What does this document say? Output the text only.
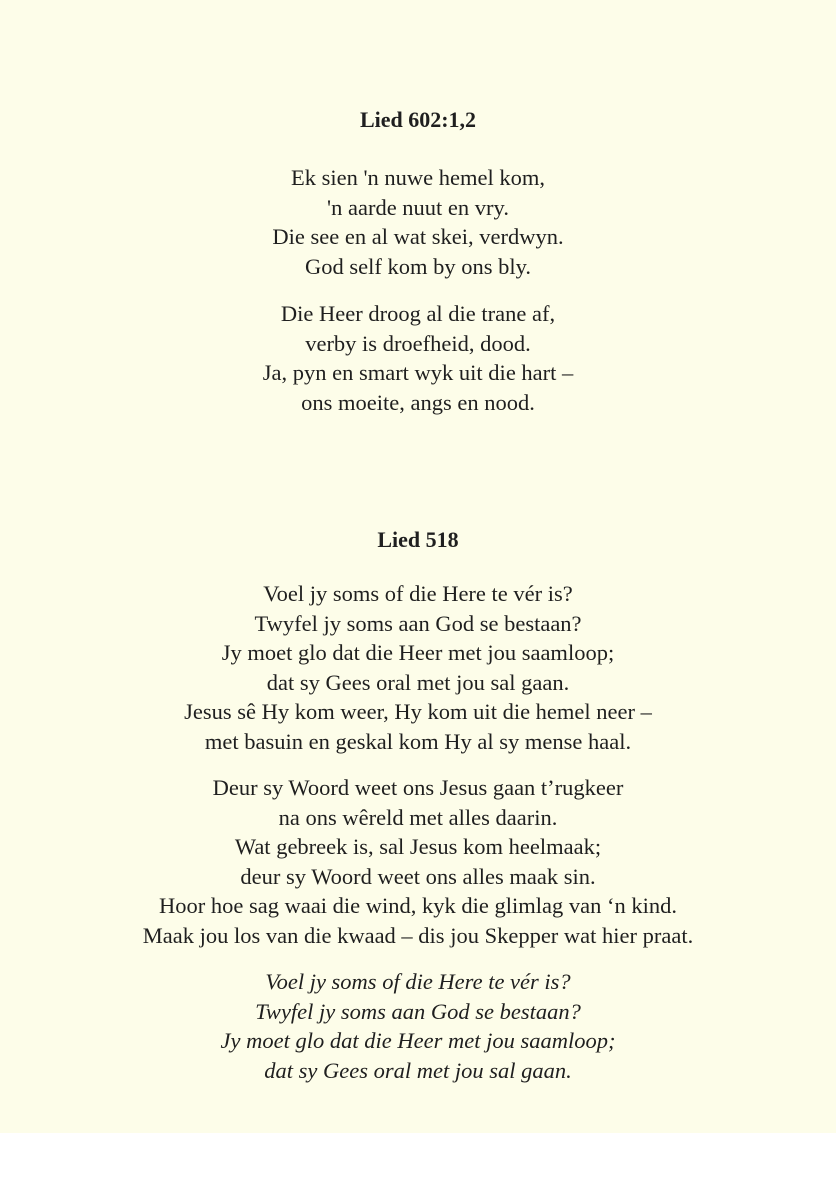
Lied 602:1,2
Ek sien 'n nuwe hemel kom,
'n aarde nuut en vry.
Die see en al wat skei, verdwyn.
God self kom by ons bly.
Die Heer droog al die trane af,
verby is droefheid, dood.
Ja, pyn en smart wyk uit die hart –
ons moeite, angs en nood.
Lied 518
Voel jy soms of die Here te vér is?
Twyfel jy soms aan God se bestaan?
Jy moet glo dat die Heer met jou saamloop;
dat sy Gees oral met jou sal gaan.
Jesus sê Hy kom weer, Hy kom uit die hemel neer –
met basuin en geskal kom Hy al sy mense haal.
Deur sy Woord weet ons Jesus gaan t’rugkeer
na ons wêreld met alles daarin.
Wat gebreek is, sal Jesus kom heelmaak;
deur sy Woord weet ons alles maak sin.
Hoor hoe sag waai die wind, kyk die glimlag van ‘n kind.
Maak jou los van die kwaad – dis jou Skepper wat hier praat.
Voel jy soms of die Here te vér is?
Twyfel jy soms aan God se bestaan?
Jy moet glo dat die Heer met jou saamloop;
dat sy Gees oral met jou sal gaan.
